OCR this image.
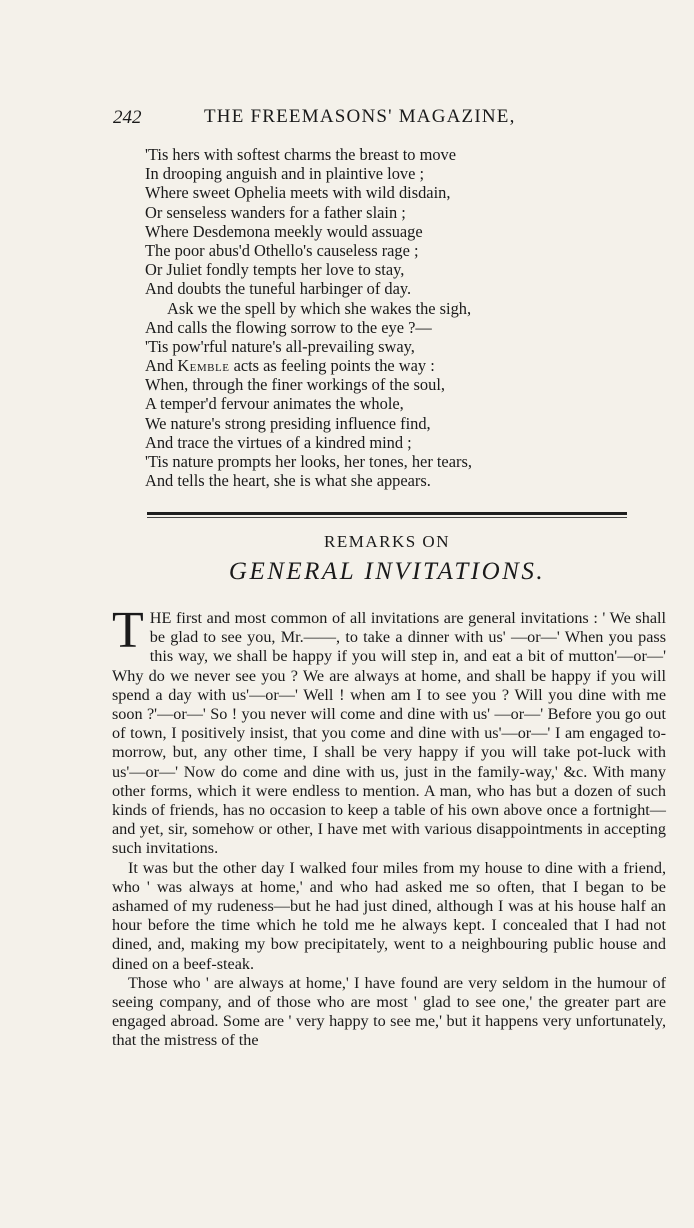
242	THE FREEMASONS' MAGAZINE,
'Tis hers with softest charms the breast to move
In drooping anguish and in plaintive love ;
Where sweet Ophelia meets with wild disdain,
Or senseless wanders for a father slain ;
Where Desdemona meekly would assuage
The poor abus'd Othello's causeless rage ;
Or Juliet fondly tempts her love to stay,
And doubts the tuneful harbinger of day.
Ask we the spell by which she wakes the sigh,
And calls the flowing sorrow to the eye ?—
'Tis pow'rful nature's all-prevailing sway,
And Kemble acts as feeling points the way :
When, through the finer workings of the soul,
A temper'd fervour animates the whole,
We nature's strong presiding influence find,
And trace the virtues of a kindred mind ;
'Tis nature prompts her looks, her tones, her tears,
And tells the heart, she is what she appears.
REMARKS ON
GENERAL INVITATIONS.

T HE first and most common of all invitations are general invitations : ' We shall be glad to see you, Mr.——, to take a dinner with us' —or—' When you pass this way, we shall be happy if you will step in, and eat a bit of mutton'—or—' Why do we never see you ? We are always at home, and shall be happy if you will spend a day with us'—or—' Well ! when am I to see you ? Will you dine with me soon ?'—or—' So ! you never will come and dine with us' —or—' Before you go out of town, I positively insist, that you come and dine with us'—or—' I am engaged to-morrow, but, any other time, I shall be very happy if you will take pot-luck with us'—or—' Now do come and dine with us, just in the family-way,' &c. With many other forms, which it were endless to mention. A man, who has but a dozen of such kinds of friends, has no occasion to keep a table of his own above once a fortnight—and yet, sir, somehow or other, I have met with various disappointments in accepting such invitations.

It was but the other day I walked four miles from my house to dine with a friend, who ' was always at home,' and who had asked me so often, that I began to be ashamed of my rudeness—but he had just dined, although I was at his house half an hour before the time which he told me he always kept. I concealed that I had not dined, and, making my bow precipitately, went to a neighbouring public house and dined on a beef-steak.

Those who ' are always at home,' I have found are very seldom in the humour of seeing company, and of those who are most ' glad to see one,' the greater part are engaged abroad. Some are ' very happy to see me,' but it happens very unfortunately, that the mistress of the
